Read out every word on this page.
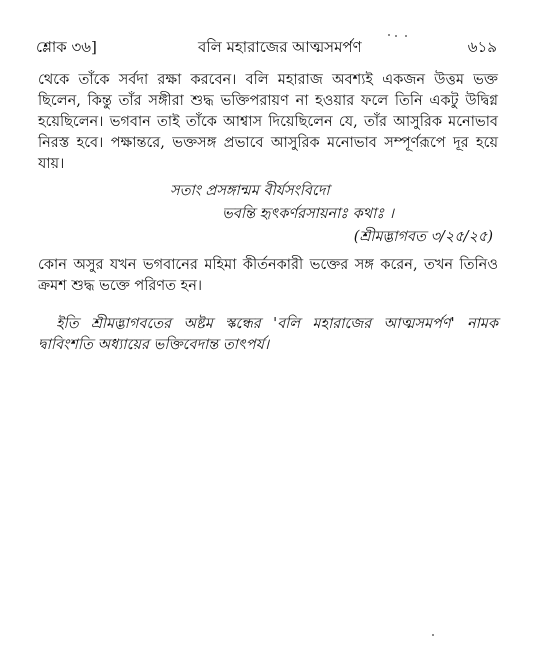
শ্লোক ৩৬]	বলি মহারাজের আত্মসমর্পণ	৬১৯
থেকে তাঁকে সর্বদা রক্ষা করবেন। বলি মহারাজ অবশ্যই একজন উত্তম ভক্ত ছিলেন, কিন্তু তাঁর সঙ্গীরা শুদ্ধ ভক্তিপরায়ণ না হওয়ার ফলে তিনি একটু উদ্বিগ্ন হয়েছিলেন। ভগবান তাই তাঁকে আশ্বাস দিয়েছিলেন যে, তাঁর আসুরিক মনোভাব নিরস্ত হবে। পক্ষান্তরে, ভক্তসঙ্গ প্রভাবে আসুরিক মনোভাব সম্পূর্ণরূপে দূর হয়ে যায়।
সতাং প্রসঙ্গান্মম বীর্যসংবিদো
ভবন্তি হৃৎকর্ণরসায়নাঃ কথাঃ ।
(শ্রীমদ্ভাগবত ৩/২৫/২৫)
কোন অসুর যখন ভগবানের মহিমা কীর্তনকারী ভক্তের সঙ্গ করেন, তখন তিনিও ক্রমশ শুদ্ধ ভক্তে পরিণত হন।
ইতি শ্রীমদ্ভাগবতের অষ্টম স্কন্ধের 'বলি মহারাজের আত্মসমর্পণ' নামক দ্বাবিংশতি অধ্যায়ের ভক্তিবেদান্ত তাৎপর্য।
